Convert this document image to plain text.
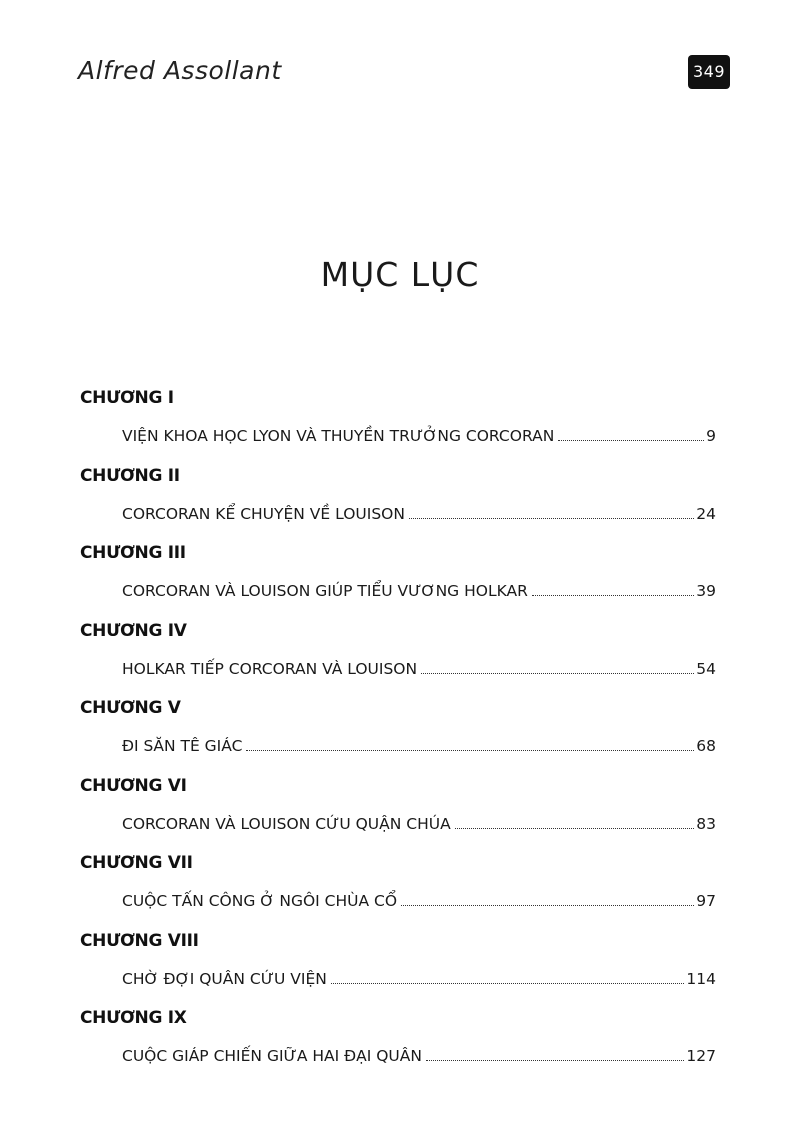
Alfred Assollant	349
MỤC LỤC
CHƯƠNG I
VIỆN KHOA HỌC LYON VÀ THUYỀN TRƯỞNG CORCORAN	9
CHƯƠNG II
CORCORAN KỂ CHUYỆN VỀ LOUISON	24
CHƯƠNG III
CORCORAN VÀ LOUISON GIÚP TIỂU VƯƠNG HOLKAR	39
CHƯƠNG IV
HOLKAR TIẾP CORCORAN VÀ LOUISON	54
CHƯƠNG V
ĐI SĂN TÊ GIÁC	68
CHƯƠNG VI
CORCORAN VÀ LOUISON CỨU QUẬN CHÚA	83
CHƯƠNG VII
CUỘC TẤN CÔNG Ở NGÔI CHÙA CỔ	97
CHƯƠNG VIII
CHỜ ĐỢI QUÂN CỨU VIỆN	114
CHƯƠNG IX
CUỘC GIÁP CHIẾN GIỮA HAI ĐẠI QUÂN	127
